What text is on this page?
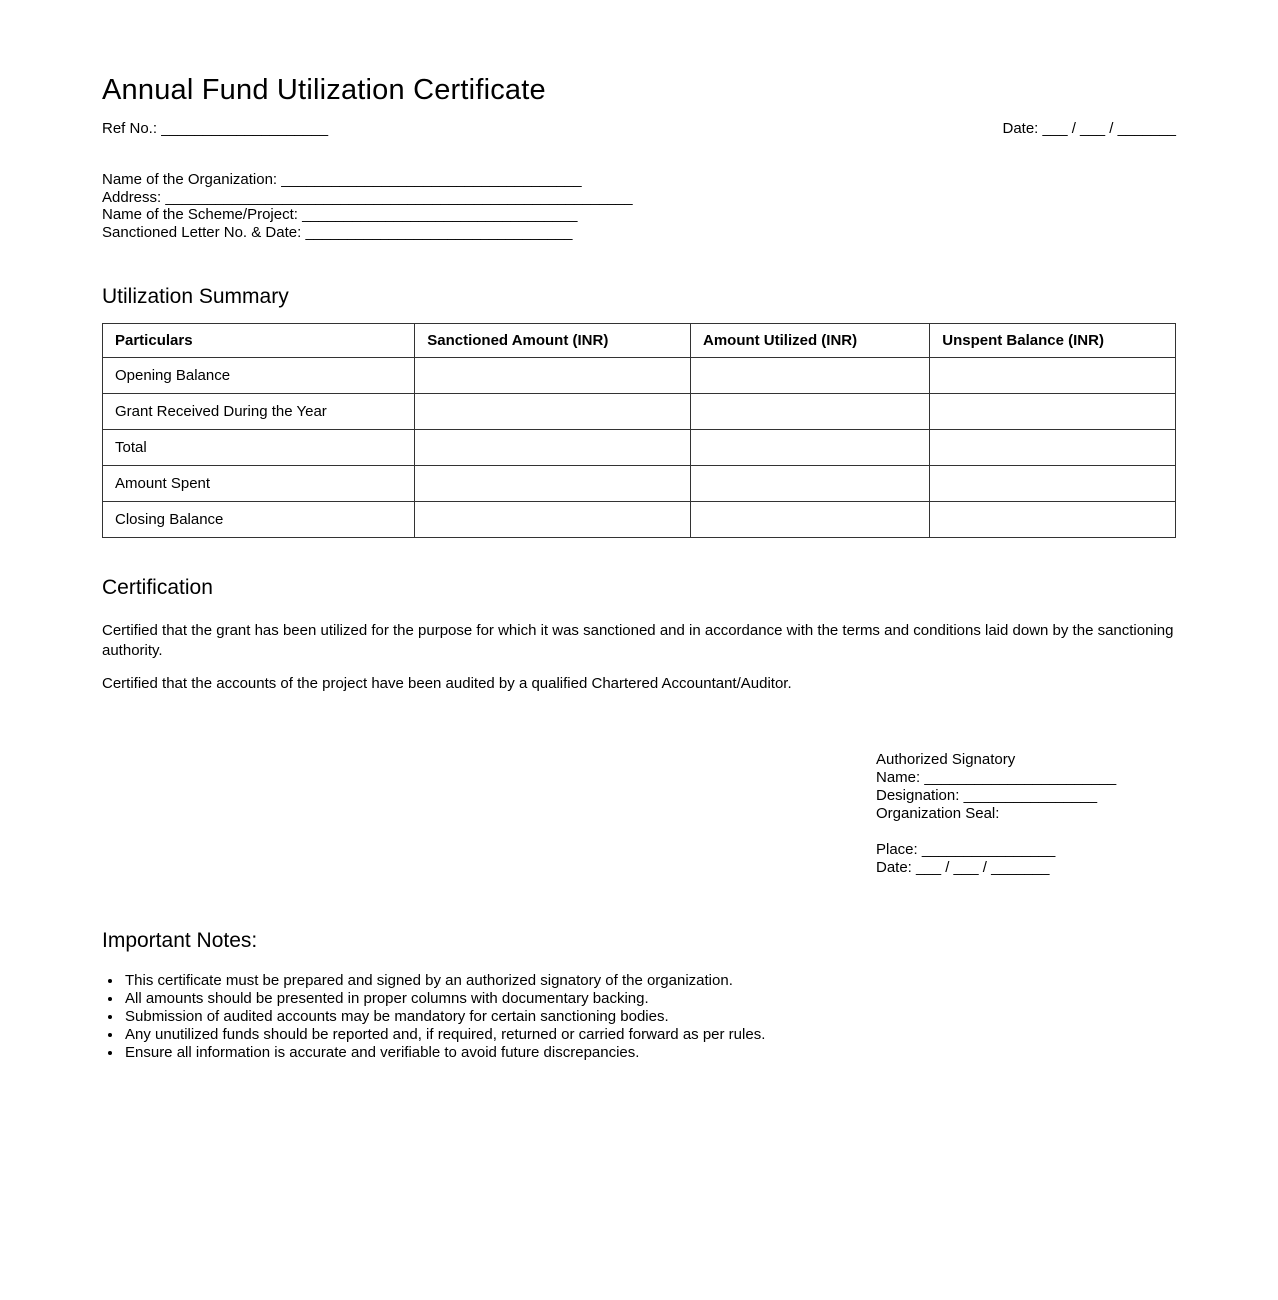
Annual Fund Utilization Certificate
Ref No.: ____________________	Date: ___ / ___ / _______
Name of the Organization: ____________________________________
Address: ________________________________________________________
Name of the Scheme/Project: _________________________________
Sanctioned Letter No. & Date: ________________________________
Utilization Summary
Particulars	Sanctioned Amount (INR)	Amount Utilized (INR)	Unspent Balance (INR)
Opening Balance			
Grant Received During the Year			
Total			
Amount Spent			
Closing Balance			
Certification

Certified that the grant has been utilized for the purpose for which it was sanctioned and in accordance with the terms and conditions laid down by the sanctioning authority.

Certified that the accounts of the project have been audited by a qualified Chartered Accountant/Auditor.

Authorized Signatory
Name: _______________________
Designation: ________________
Organization Seal:
Place: ________________
Date: ___ / ___ / _______
Important Notes:
• This certificate must be prepared and signed by an authorized signatory of the organization.
• All amounts should be presented in proper columns with documentary backing.
• Submission of audited accounts may be mandatory for certain sanctioning bodies.
• Any unutilized funds should be reported and, if required, returned or carried forward as per rules.
• Ensure all information is accurate and verifiable to avoid future discrepancies.
